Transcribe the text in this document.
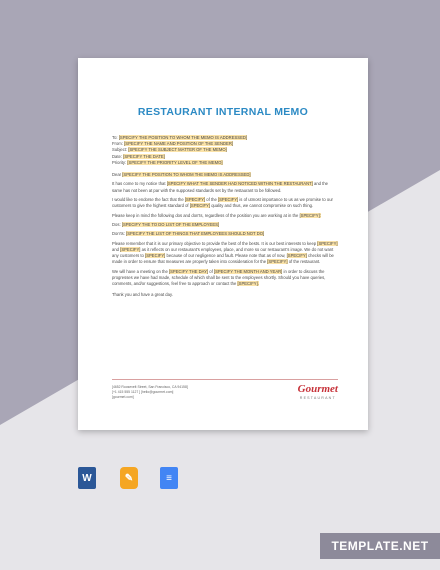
RESTAURANT INTERNAL MEMO

To: [SPECIFY THE POSITION TO WHOM THE MEMO IS ADDRESSED]
From: [SPECIFY THE NAME AND POSITION OF THE SENDER]
Subject: [SPECIFY THE SUBJECT MATTER OF THE MEMO]
Date: [SPECIFY THE DATE]
Priority: [SPECIFY THE PRIORITY LEVEL OF THE MEMO]

Dear [SPECIFY THE POSITION TO WHOM THE MEMO IS ADDRESSED]

It has come to my notice that [SPECIFY WHAT THE SENDER HAD NOTICED WITHIN THE RESTAURANT] and the same has not been at par with the supposed standards set by the restaurant to be followed.

I would like to endorse the fact that the [SPECIFY] of the [SPECIFY] is of utmost importance to us as we promise to our customers to give the highest standard of [SPECIFY] quality and thus, we cannot compromise on such thing.

Please keep in mind the following dos and don'ts, regardless of the position you are working at in the [SPECIFY]:

Dos: [SPECIFY THE TO DO LIST OF THE EMPLOYEES]

Don'ts: [SPECIFY THE LIST OF THINGS THAT EMPLOYEES SHOULD NOT DO]

Please remember that it is our primary objective to provide the best of the bests. It is our best interests to keep [SPECIFY] and [SPECIFY] as it reflects on our restaurant's employees, place, and more so our restaurant's image. We do not want any customers to [SPECIFY] because of our negligence and fault. Please note that as of now, [SPECIFY] checks will be made in order to ensure that measures are properly taken into consideration for the [SPECIFY] of the restaurant.

We will have a meeting on the [SPECIFY THE DAY] of [SPECIFY THE MONTH AND YEAR] in order to discuss the progresses we have had made, schedule of which shall be sent to the employees shortly. Should you have queries, comments, and/or suggestions, feel free to approach or contact the [SPECIFY].

Thank you and have a great day.

[4652 Roosevelt Street, San Francisco, CA 94158]
[+1 415 555 1127 ] [hello@gourmet.com]
[gourmet.com]
Gourmet
RESTAURANT
W	✎	≡
TEMPLATE.NET
